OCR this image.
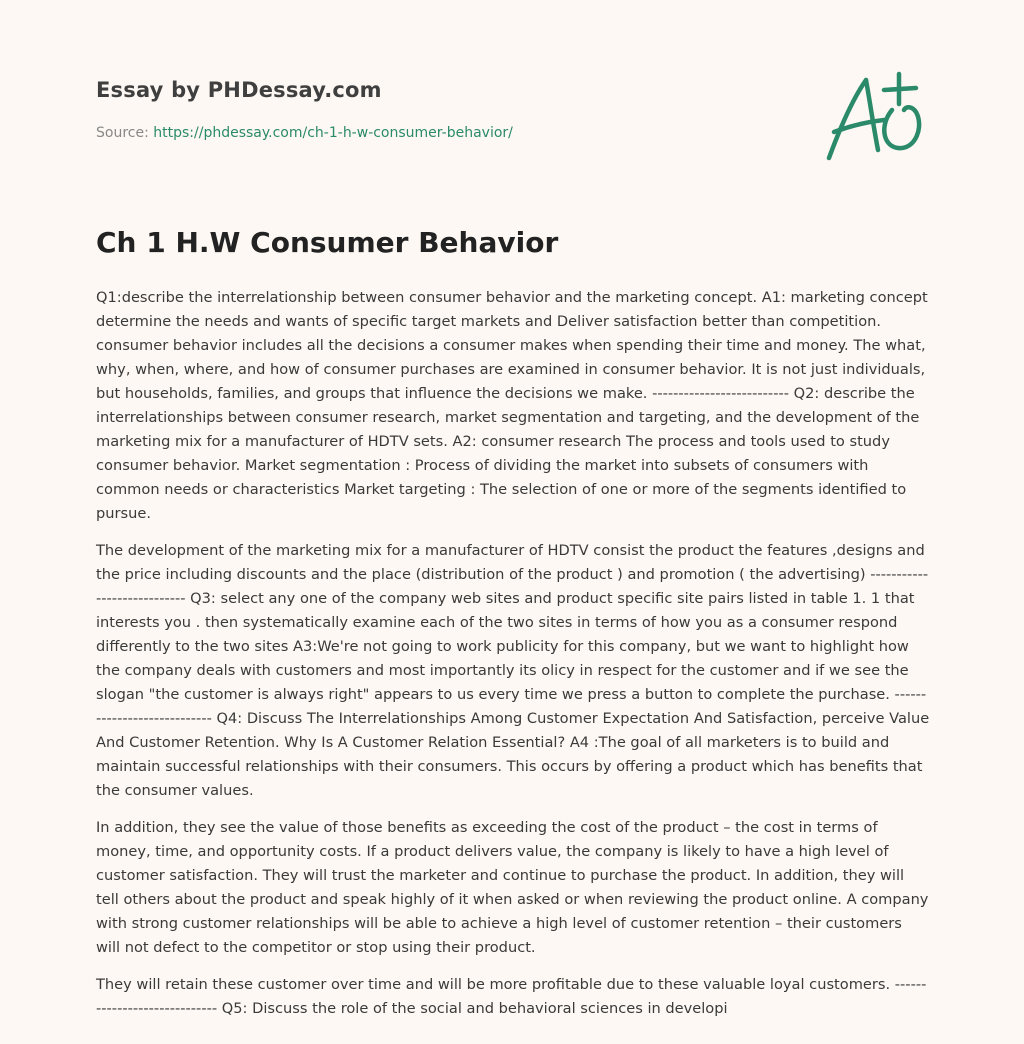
Essay by PHDessay.com
Source: https://phdessay.com/ch-1-h-w-consumer-behavior/
Ch 1 H.W Consumer Behavior

Q1:describe the interrelationship between consumer behavior and the marketing concept. A1: marketing concept determine the needs and wants of specific target markets and Deliver satisfaction better than competition. consumer behavior includes all the decisions a consumer makes when spending their time and money. The what, why, when, where, and how of consumer purchases are examined in consumer behavior. It is not just individuals, but households, families, and groups that influence the decisions we make. -------------------------- Q2: describe the interrelationships between consumer research, market segmentation and targeting, and the development of the marketing mix for a manufacturer of HDTV sets. A2: consumer research The process and tools used to study consumer behavior. Market segmentation : Process of dividing the market into subsets of consumers with common needs or characteristics Market targeting : The selection of one or more of the segments identified to pursue.

The development of the marketing mix for a manufacturer of HDTV consist the product the features ,designs and the price including discounts and the place (distribution of the product ) and promotion ( the advertising) ---------------------------- Q3: select any one of the company web sites and product specific site pairs listed in table 1. 1 that interests you . then systematically examine each of the two sites in terms of how you as a consumer respond differently to the two sites A3:We're not going to work publicity for this company, but we want to highlight how the company deals with customers and most importantly its olicy in respect for the customer and if we see the slogan "the customer is always right" appears to us every time we press a button to complete the purchase. ---------------------------- Q4: Discuss The Interrelationships Among Customer Expectation And Satisfaction, perceive Value And Customer Retention. Why Is A Customer Relation Essential? A4 :The goal of all marketers is to build and maintain successful relationships with their consumers. This occurs by offering a product which has benefits that the consumer values.

In addition, they see the value of those benefits as exceeding the cost of the product – the cost in terms of money, time, and opportunity costs. If a product delivers value, the company is likely to have a high level of customer satisfaction. They will trust the marketer and continue to purchase the product. In addition, they will tell others about the product and speak highly of it when asked or when reviewing the product online. A company with strong customer relationships will be able to achieve a high level of customer retention – their customers will not defect to the competitor or stop using their product.

They will retain these customer over time and will be more profitable due to these valuable loyal customers. ----------------------------- Q5: Discuss the role of the social and behavioral sciences in developi
